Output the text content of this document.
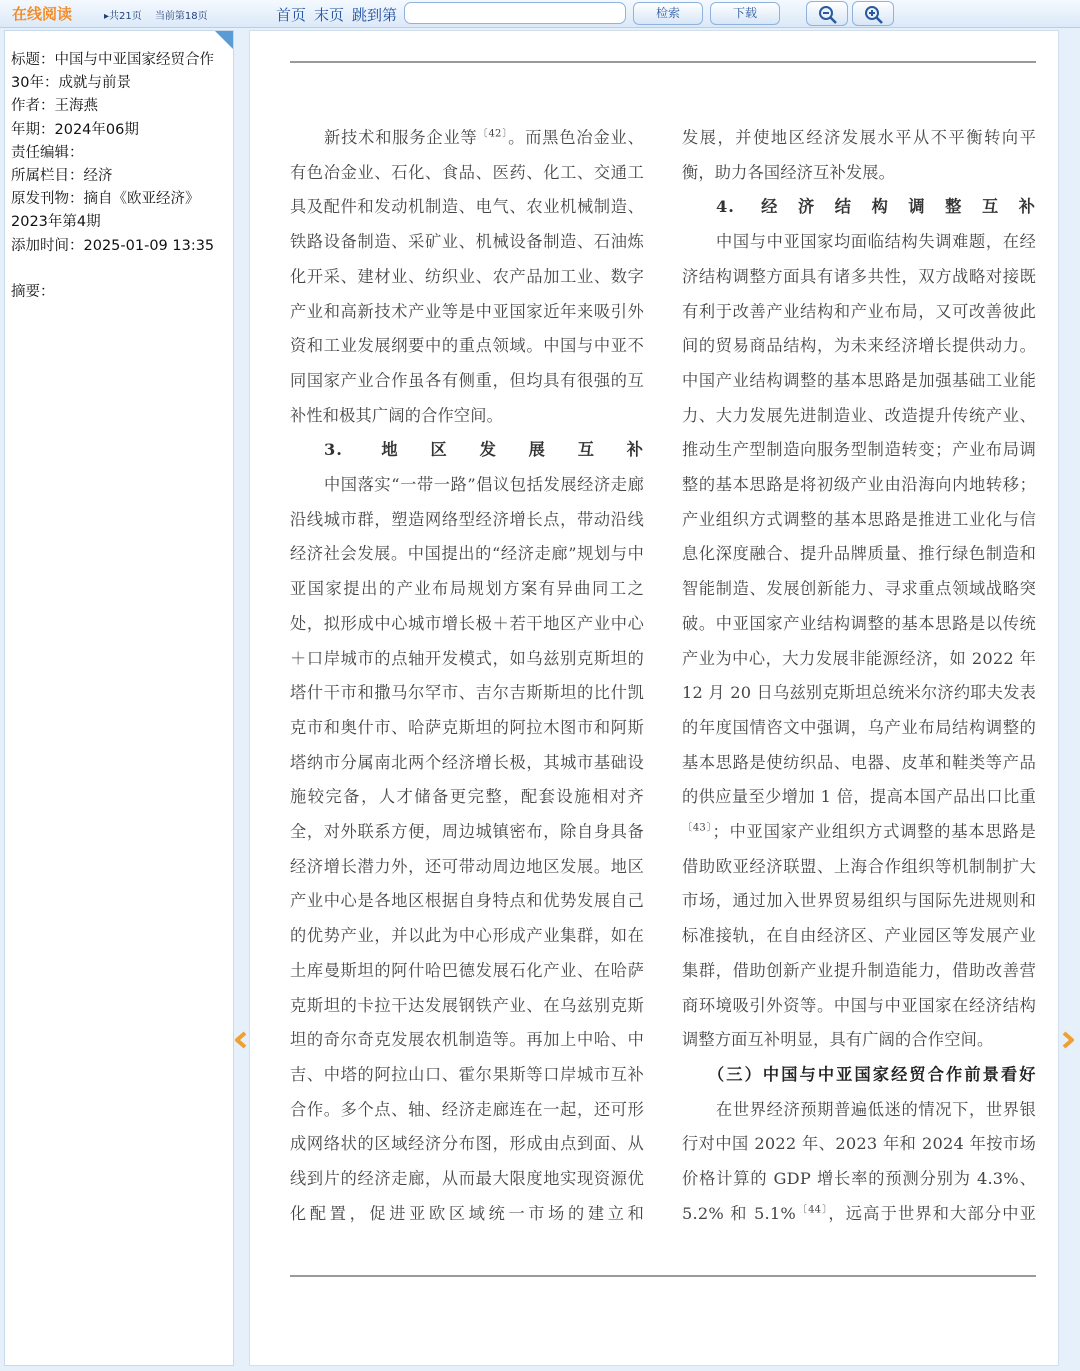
在线阅读	▸共21页 当前第18页	首页 末页 跳到第	检索	下载
标题：中国与中亚国家经贸合作
30年：成就与前景
作者：王海燕
年期：2024年06期
责任编辑：
所属栏目：经济
原发刊物：摘自《欧亚经济》
2023年第4期
添加时间：2025-01-09 13:35
摘要：

新技术和服务企业等$^{〔42〕}$。而黑色冶金业、有色冶金业、石化、食品、医药、化工、交通工具及配件和发动机制造、电气、农业机械制造、铁路设备制造、采矿业、机械设备制造、石油炼化开采、建材业、纺织业、农产品加工业、数字产业和高新技术产业等是中亚国家近年来吸引外资和工业发展纲要中的重点领域。中国与中亚不同国家产业合作虽各有侧重，但均具有很强的互补性和极其广阔的合作空间。

3. 地区发展互补

中国落实“一带一路”倡议包括发展经济走廊沿线城市群，塑造网络型经济增长点，带动沿线经济社会发展。中国提出的“经济走廊”规划与中亚国家提出的产业布局规划方案有异曲同工之处，拟形成中心城市增长极＋若干地区产业中心＋口岸城市的点轴开发模式，如乌兹别克斯坦的塔什干市和撒马尔罕市、吉尔吉斯斯坦的比什凯克市和奥什市、哈萨克斯坦的阿拉木图市和阿斯塔纳市分属南北两个经济增长极，其城市基础设施较完备，人才储备更完整，配套设施相对齐全，对外联系方便，周边城镇密布，除自身具备经济增长潜力外，还可带动周边地区发展。地区产业中心是各地区根据自身特点和优势发展自己的优势产业，并以此为中心形成产业集群，如在土库曼斯坦的阿什哈巴德发展石化产业、在哈萨克斯坦的卡拉干达发展钢铁产业、在乌兹别克斯坦的奇尔奇克发展农机制造等。再加上中哈、中吉、中塔的阿拉山口、霍尔果斯等口岸城市互补合作。多个点、轴、经济走廊连在一起，还可形成网络状的区域经济分布图，形成由点到面、从线到片的经济走廊，从而最大限度地实现资源优化配置，促进亚欧区域统一市场的建立和

发展，并使地区经济发展水平从不平衡转向平衡，助力各国经济互补发展。

4. 经济结构调整互补

中国与中亚国家均面临结构失调难题，在经济结构调整方面具有诸多共性，双方战略对接既有利于改善产业结构和产业布局，又可改善彼此间的贸易商品结构，为未来经济增长提供动力。中国产业结构调整的基本思路是加强基础工业能力、大力发展先进制造业、改造提升传统产业、推动生产型制造向服务型制造转变；产业布局调整的基本思路是将初级产业由沿海向内地转移；产业组织方式调整的基本思路是推进工业化与信息化深度融合、提升品牌质量、推行绿色制造和智能制造、发展创新能力、寻求重点领域战略突破。中亚国家产业结构调整的基本思路是以传统产业为中心，大力发展非能源经济，如 2022 年 12 月 20 日乌兹别克斯坦总统米尔济约耶夫发表的年度国情咨文中强调，乌产业布局结构调整的基本思路是使纺织品、电器、皮革和鞋类等产品的供应量至少增加 1 倍，提高本国产品出口比重$^{〔43〕}$；中亚国家产业组织方式调整的基本思路是借助欧亚经济联盟、上海合作组织等机制制扩大市场，通过加入世界贸易组织与国际先进规则和标准接轨，在自由经济区、产业园区等发展产业集群，借助创新产业提升制造能力，借助改善营商环境吸引外资等。中国与中亚国家在经济结构调整方面互补明显，具有广阔的合作空间。

（三）中国与中亚国家经贸合作前景看好

在世界经济预期普遍低迷的情况下，世界银行对中国 2022 年、2023 年和 2024 年按市场价格计算的 GDP 增长率的预测分别为 4.3%、5.2% 和 5.1%$^{〔44〕}$，远高于世界和大部分中亚
